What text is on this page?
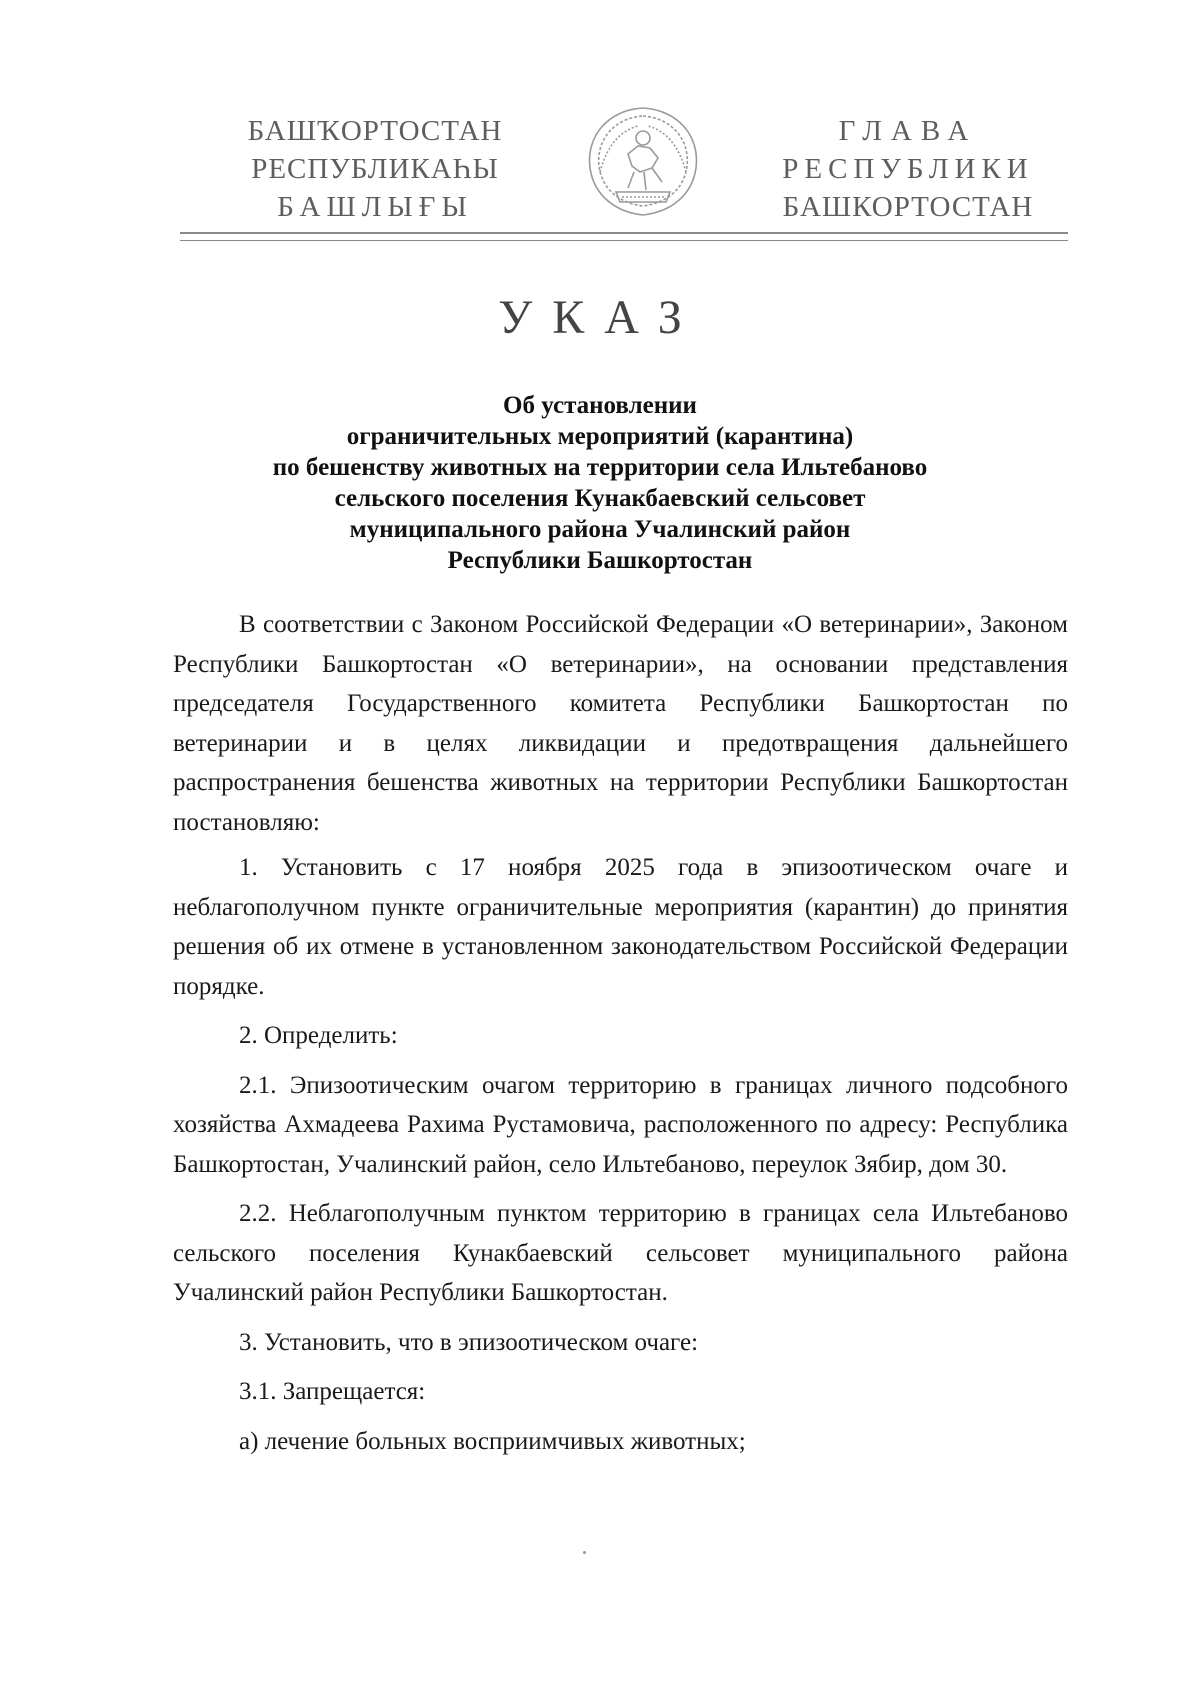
БАШҠОРТОСТАН
РЕСПУБЛИКАҺЫ
БАШЛЫҒЫ
ГЛАВА
РЕСПУБЛИКИ
БАШКОРТОСТАН
УКАЗ
Об установлении
ограничительных мероприятий (карантина)
по бешенству животных на территории села Ильтебаново
сельского поселения Кунакбаевский сельсовет
муниципального района Учалинский район
Республики Башкортостан

В соответствии с Законом Российской Федерации «О ветеринарии», Законом Республики Башкортостан «О ветеринарии», на основании представления председателя Государственного комитета Республики Башкортостан по ветеринарии и в целях ликвидации и предотвращения дальнейшего распространения бешенства животных на территории Республики Башкортостан постановляю:

1. Установить с 17 ноября 2025 года в эпизоотическом очаге и неблагополучном пункте ограничительные мероприятия (карантин) до принятия решения об их отмене в установленном законодательством Российской Федерации порядке.

2. Определить:

2.1. Эпизоотическим очагом территорию в границах личного подсобного хозяйства Ахмадеева Рахима Рустамовича, расположенного по адресу: Республика Башкортостан, Учалинский район, село Ильтебаново, переулок Зябир, дом 30.

2.2. Неблагополучным пунктом территорию в границах села Ильтебаново сельского поселения Кунакбаевский сельсовет муниципального района Учалинский район Республики Башкортостан.

3. Установить, что в эпизоотическом очаге:

3.1. Запрещается:

а) лечение больных восприимчивых животных;
